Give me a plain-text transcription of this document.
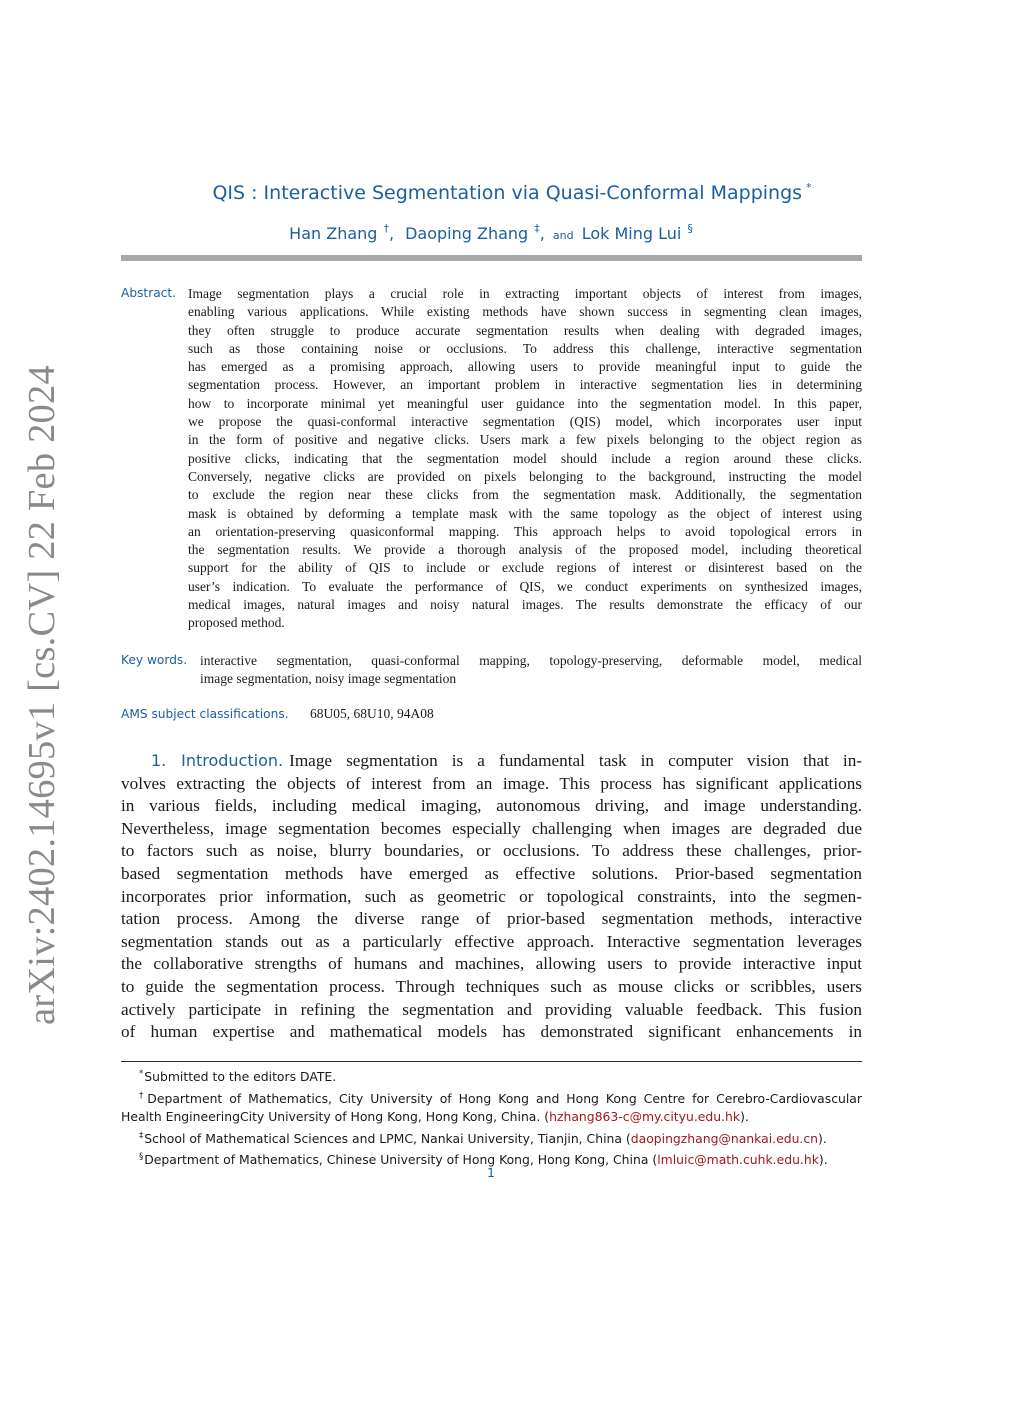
arXiv:2402.14695v1 [cs.CV] 22 Feb 2024
QIS : Interactive Segmentation via Quasi-Conformal Mappings *
Han Zhang †, Daoping Zhang ‡, and Lok Ming Lui §
Abstract. Image segmentation plays a crucial role in extracting important objects of interest from images,
enabling various applications. While existing methods have shown success in segmenting clean images,
they often struggle to produce accurate segmentation results when dealing with degraded images,
such as those containing noise or occlusions. To address this challenge, interactive segmentation
has emerged as a promising approach, allowing users to provide meaningful input to guide the
segmentation process. However, an important problem in interactive segmentation lies in determining
how to incorporate minimal yet meaningful user guidance into the segmentation model. In this paper,
we propose the quasi-conformal interactive segmentation (QIS) model, which incorporates user input
in the form of positive and negative clicks. Users mark a few pixels belonging to the object region as
positive clicks, indicating that the segmentation model should include a region around these clicks.
Conversely, negative clicks are provided on pixels belonging to the background, instructing the model
to exclude the region near these clicks from the segmentation mask. Additionally, the segmentation
mask is obtained by deforming a template mask with the same topology as the object of interest using
an orientation-preserving quasiconformal mapping. This approach helps to avoid topological errors in
the segmentation results. We provide a thorough analysis of the proposed model, including theoretical
support for the ability of QIS to include or exclude regions of interest or disinterest based on the
user’s indication. To evaluate the performance of QIS, we conduct experiments on synthesized images,
medical images, natural images and noisy natural images. The results demonstrate the efficacy of our
proposed method.
Key words. interactive segmentation, quasi-conformal mapping, topology-preserving, deformable model, medical
image segmentation, noisy image segmentation
AMS subject classifications. 68U05, 68U10, 94A08
1. Introduction. Image segmentation is a fundamental task in computer vision that in-
volves extracting the objects of interest from an image. This process has significant applications
in various fields, including medical imaging, autonomous driving, and image understanding.
Nevertheless, image segmentation becomes especially challenging when images are degraded due
to factors such as noise, blurry boundaries, or occlusions. To address these challenges, prior-
based segmentation methods have emerged as effective solutions. Prior-based segmentation
incorporates prior information, such as geometric or topological constraints, into the segmen-
tation process. Among the diverse range of prior-based segmentation methods, interactive
segmentation stands out as a particularly effective approach. Interactive segmentation leverages
the collaborative strengths of humans and machines, allowing users to provide interactive input
to guide the segmentation process. Through techniques such as mouse clicks or scribbles, users
actively participate in refining the segmentation and providing valuable feedback. This fusion
of human expertise and mathematical models has demonstrated significant enhancements in
*Submitted to the editors DATE.
†Department of Mathematics, City University of Hong Kong and Hong Kong Centre for Cerebro-Cardiovascular
Health EngineeringCity University of Hong Kong, Hong Kong, China. (hzhang863-c@my.cityu.edu.hk).
‡School of Mathematical Sciences and LPMC, Nankai University, Tianjin, China (daopingzhang@nankai.edu.cn).
§Department of Mathematics, Chinese University of Hong Kong, Hong Kong, China (lmluic@math.cuhk.edu.hk).
1
